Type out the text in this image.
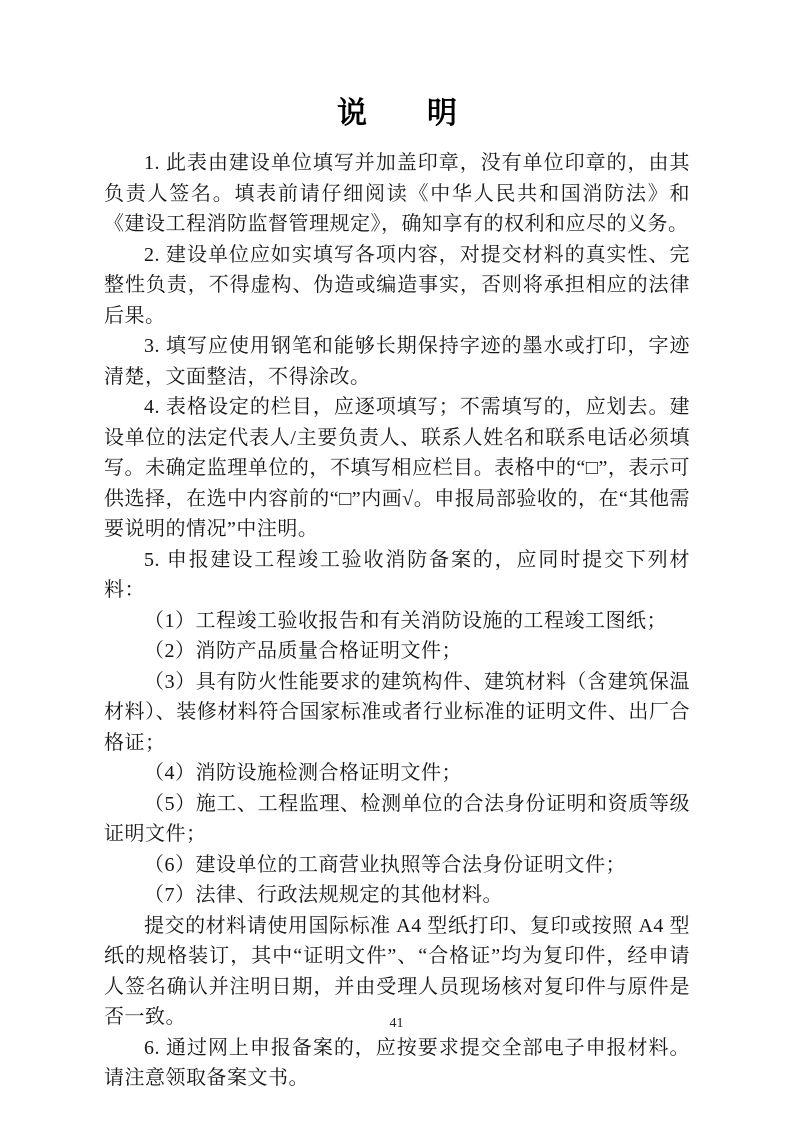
说　　明

1. 此表由建设单位填写并加盖印章，没有单位印章的，由其负责人签名。填表前请仔细阅读《中华人民共和国消防法》和《建设工程消防监督管理规定》，确知享有的权利和应尽的义务。

2. 建设单位应如实填写各项内容，对提交材料的真实性、完整性负责，不得虚构、伪造或编造事实，否则将承担相应的法律后果。

3. 填写应使用钢笔和能够长期保持字迹的墨水或打印，字迹清楚，文面整洁，不得涂改。

4. 表格设定的栏目，应逐项填写；不需填写的，应划去。建设单位的法定代表人/主要负责人、联系人姓名和联系电话必须填写。未确定监理单位的，不填写相应栏目。表格中的“□”，表示可供选择，在选中内容前的“□”内画√。申报局部验收的，在“其他需要说明的情况”中注明。

5. 申报建设工程竣工验收消防备案的，应同时提交下列材料：

（1）工程竣工验收报告和有关消防设施的工程竣工图纸；

（2）消防产品质量合格证明文件；

（3）具有防火性能要求的建筑构件、建筑材料（含建筑保温材料）、装修材料符合国家标准或者行业标准的证明文件、出厂合格证；

（4）消防设施检测合格证明文件；

（5）施工、工程监理、检测单位的合法身份证明和资质等级证明文件；

（6）建设单位的工商营业执照等合法身份证明文件；

（7）法律、行政法规规定的其他材料。

提交的材料请使用国际标准 A4 型纸打印、复印或按照 A4 型纸的规格装订，其中“证明文件”、“合格证”均为复印件，经申请人签名确认并注明日期，并由受理人员现场核对复印件与原件是否一致。

6. 通过网上申报备案的，应按要求提交全部电子申报材料。请注意领取备案文书。

41
